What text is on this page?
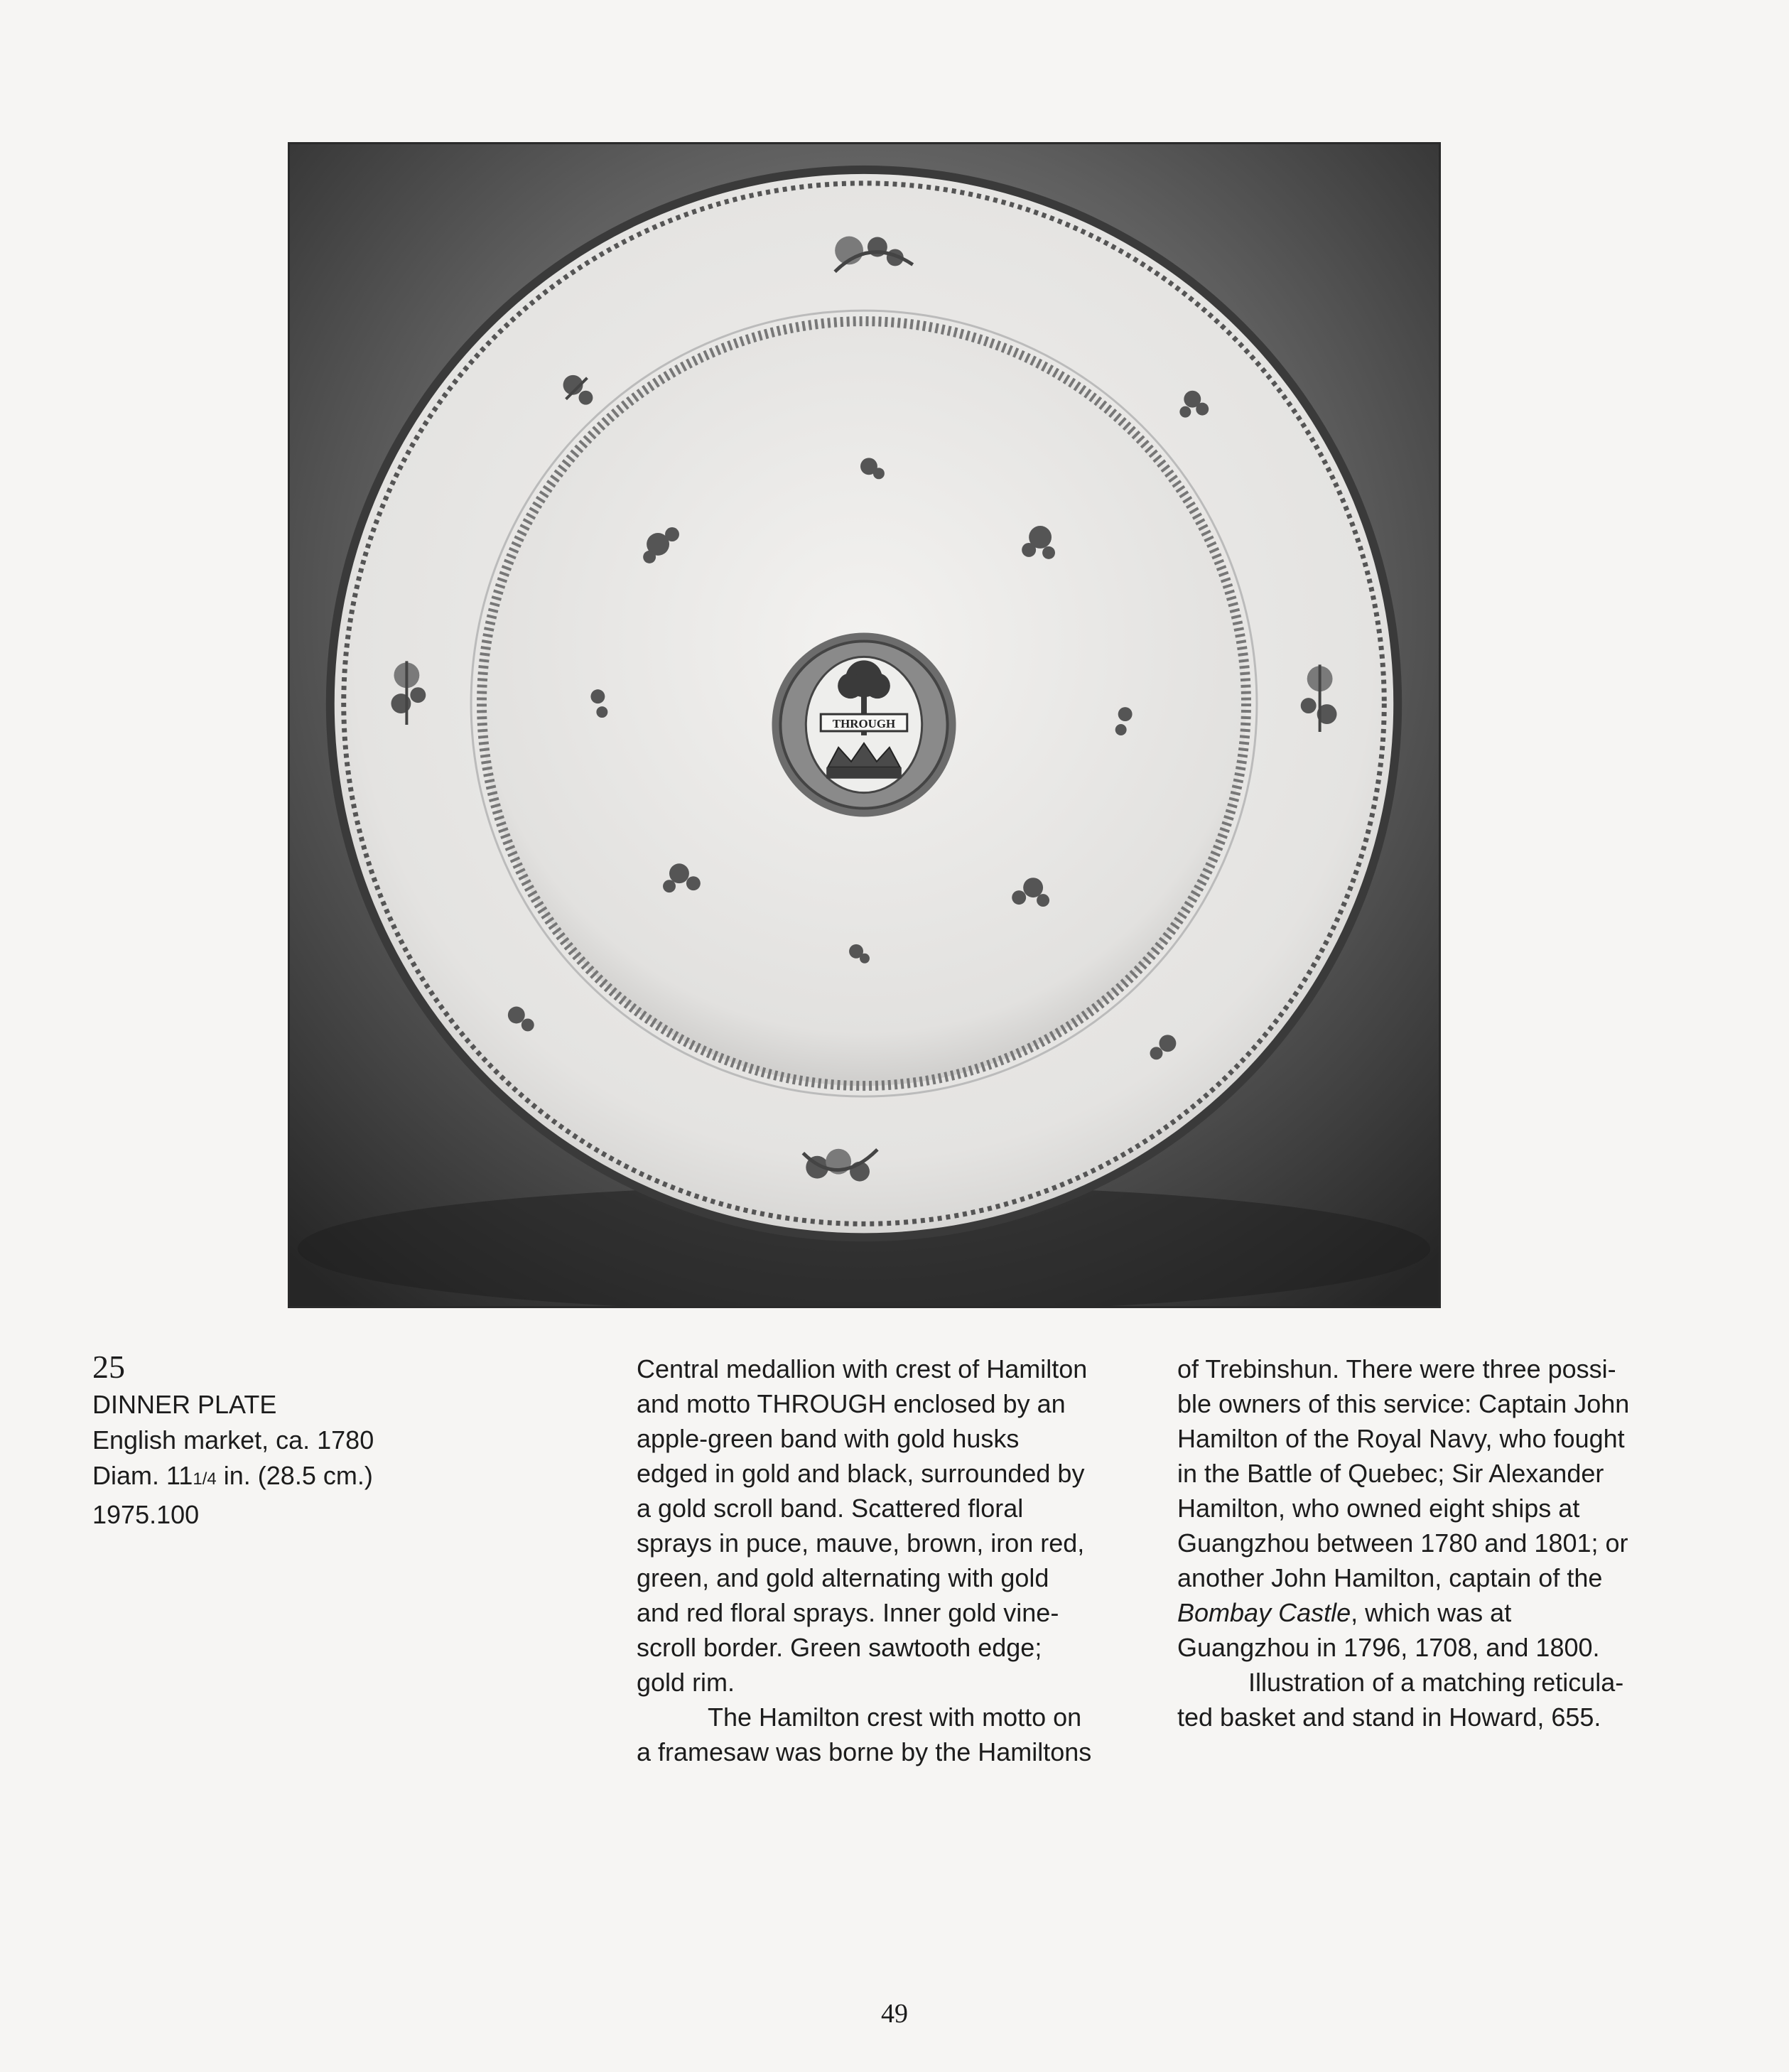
THROUGH
25
DINNER PLATE
English market, ca. 1780
Diam. 111/4 in. (28.5 cm.)
1975.100

Central medallion with crest of Hamilton
and motto THROUGH enclosed by an
apple-green band with gold husks
edged in gold and black, surrounded by
a gold scroll band. Scattered floral
sprays in puce, mauve, brown, iron red,
green, and gold alternating with gold
and red floral sprays. Inner gold vine-
scroll border. Green sawtooth edge;
gold rim.

The Hamilton crest with motto on
a framesaw was borne by the Hamiltons

of Trebinshun. There were three possi-
ble owners of this service: Captain John
Hamilton of the Royal Navy, who fought
in the Battle of Quebec; Sir Alexander
Hamilton, who owned eight ships at
Guangzhou between 1780 and 1801; or
another John Hamilton, captain of the
Bombay Castle, which was at
Guangzhou in 1796, 1708, and 1800.

Illustration of a matching reticula-
ted basket and stand in Howard, 655.

49
